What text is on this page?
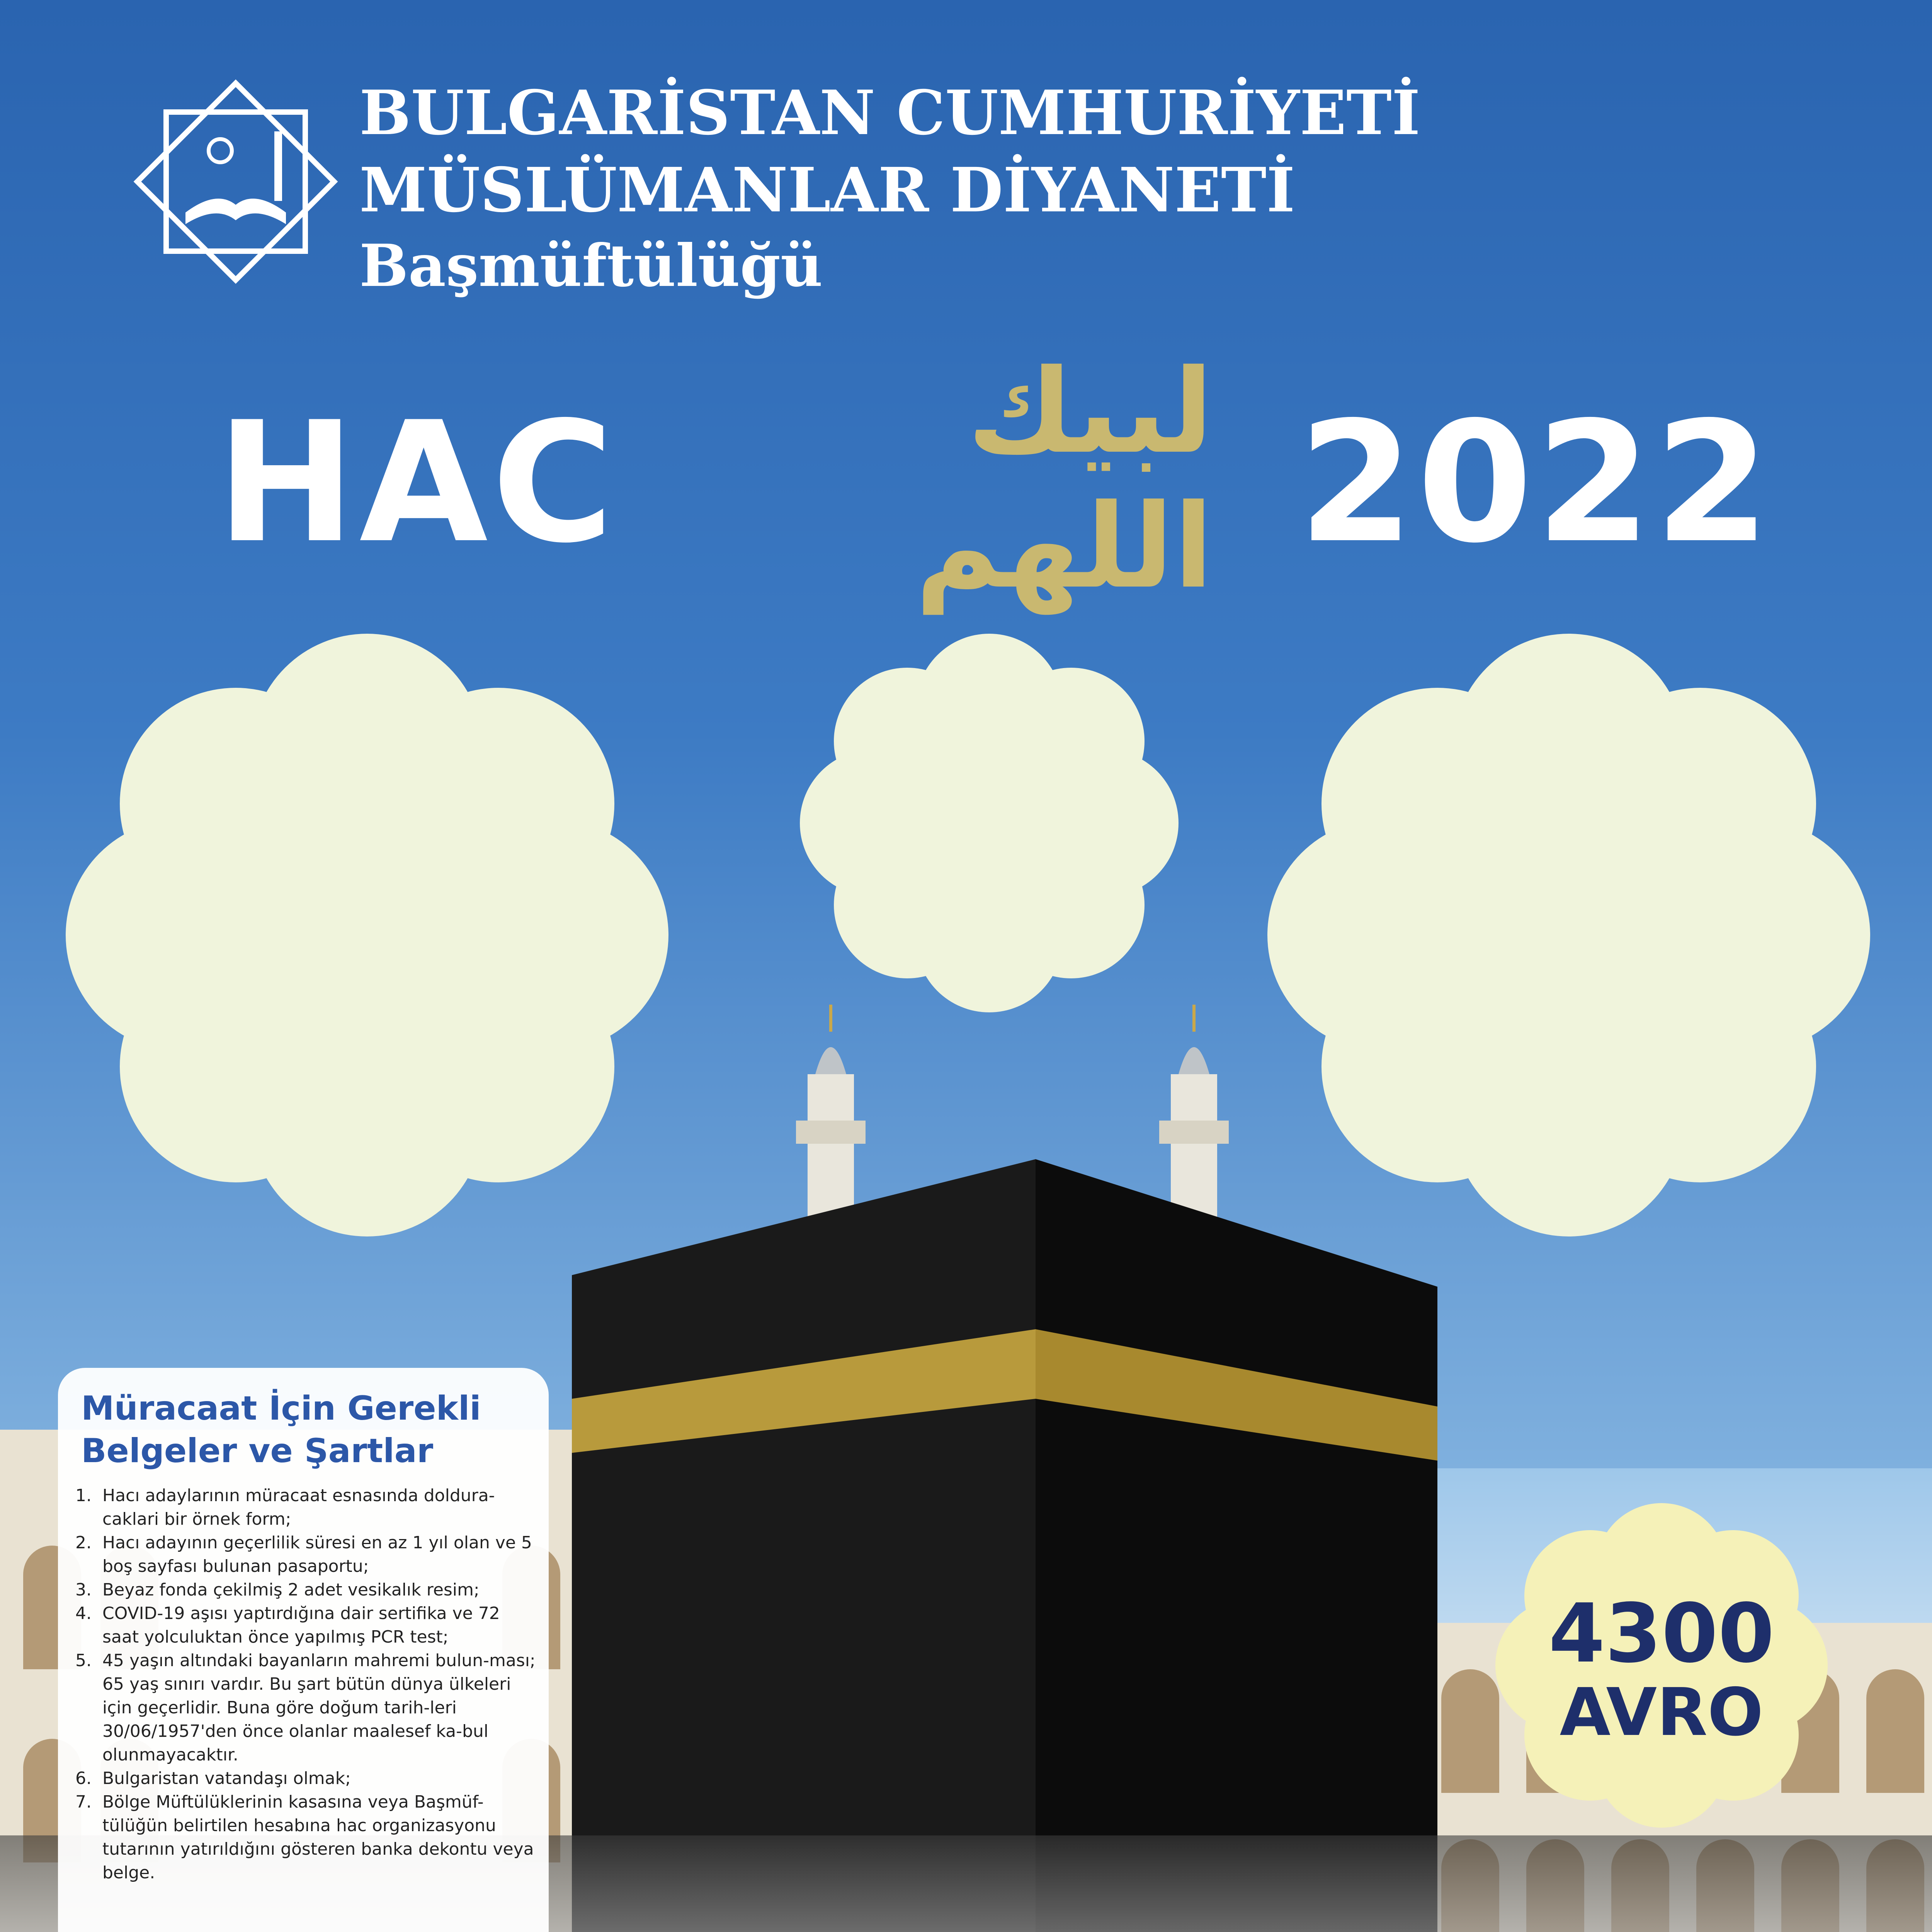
BULGARİSTAN CUMHURİYETİ
MÜSLÜMANLAR DİYANETİ
Başmüftülüğü
HAC	2022
لبيك اللهم
Müracaat İçin Gerekli
Belgeler ve Şartlar
1. Hacı adaylarının müracaat esnasında doldura-caklari bir örnek form;
2. Hacı adayının geçerlilik süresi en az 1 yıl olan ve 5 boş sayfası bulunan pasaportu;
3. Beyaz fonda çekilmiş 2 adet vesikalık resim;
4. COVID-19 aşısı yaptırdığına dair sertifika ve 72 saat yolculuktan önce yapılmış PCR test;
5. 45 yaşın altındaki bayanların mahremi bulun-ması; 65 yaş sınırı vardır. Bu şart bütün dünya ülkeleri için geçerlidir. Buna göre doğum tarih-leri 30/06/1957'den önce olanlar maalesef ka-bul olunmayacaktır.
6. Bulgaristan vatandaşı olmak;
7. Bölge Müftülüklerinin kasasına veya Başmüf-tülüğün belirtilen hesabına hac organizasyonu tutarının yatırıldığını gösteren banka dekontu veya belge.
4300
AVRO
